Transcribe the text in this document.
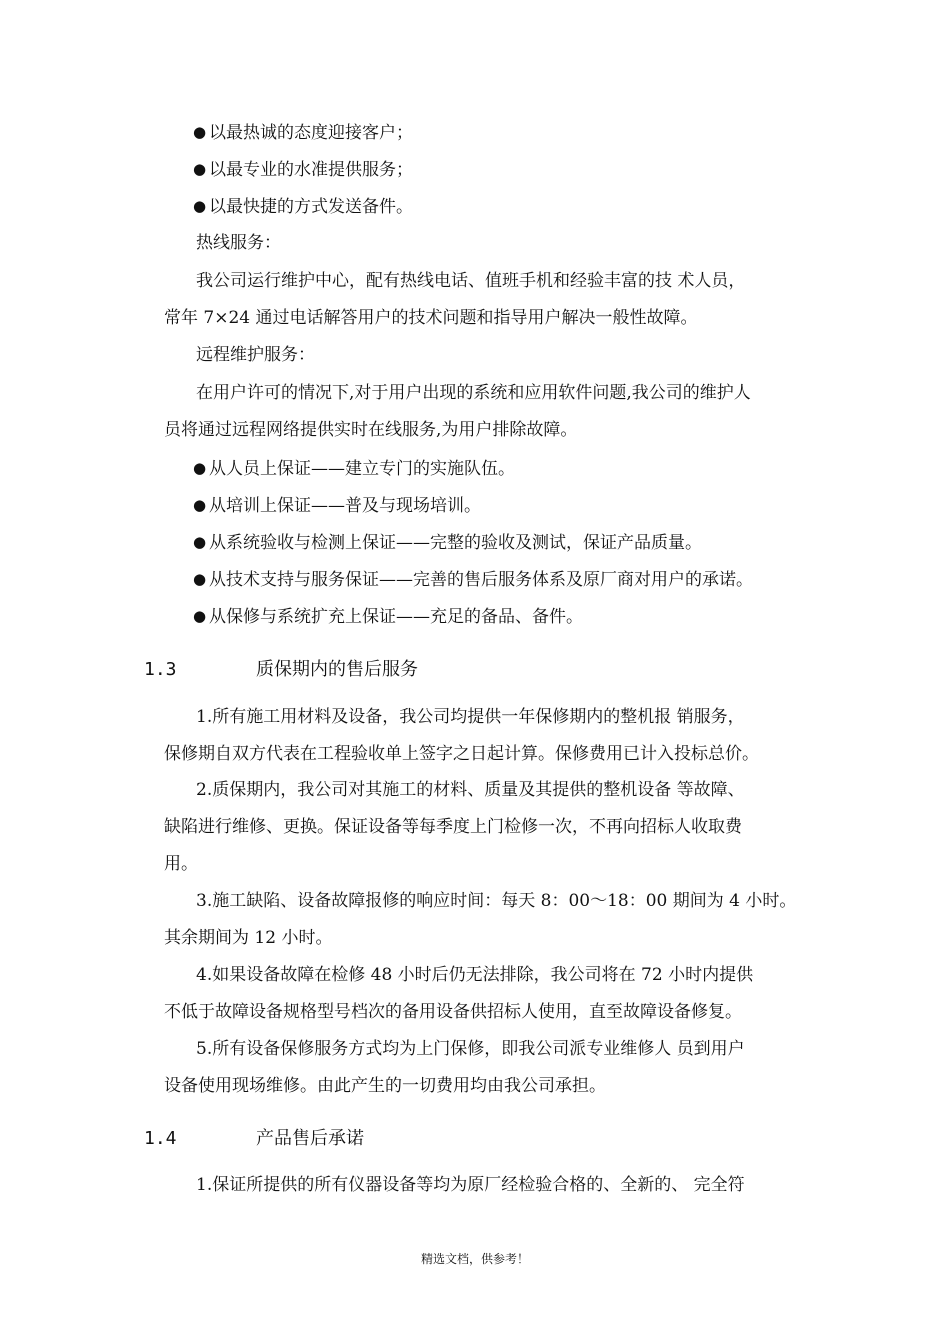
● 以最热诚的态度迎接客户；
● 以最专业的水准提供服务；
● 以最快捷的方式发送备件。
热线服务：
我公司运行维护中心，配有热线电话、值班手机和经验丰富的技 术人员，
常年 7×24 通过电话解答用户的技术问题和指导用户解决一般性故障。
远程维护服务：
在用户许可的情况下,对于用户出现的系统和应用软件问题,我公司的维护人
员将通过远程网络提供实时在线服务,为用户排除故障。
● 从人员上保证——建立专门的实施队伍。
● 从培训上保证——普及与现场培训。
● 从系统验收与检测上保证——完整的验收及测试，保证产品质量。
● 从技术支持与服务保证——完善的售后服务体系及原厂商对用户的承诺。
● 从保修与系统扩充上保证——充足的备品、备件。
1.3	质保期内的售后服务
1.所有施工用材料及设备，我公司均提供一年保修期内的整机报 销服务，
保修期自双方代表在工程验收单上签字之日起计算。保修费用已计入投标总价。
2.质保期内，我公司对其施工的材料、质量及其提供的整机设备 等故障、
缺陷进行维修、更换。保证设备等每季度上门检修一次，不再向招标人收取费
用。
3.施工缺陷、设备故障报修的响应时间：每天 8：00～18：00 期间为 4 小时。
其余期间为 12 小时。
4.如果设备故障在检修 48 小时后仍无法排除，我公司将在 72 小时内提供
不低于故障设备规格型号档次的备用设备供招标人使用，直至故障设备修复。
5.所有设备保修服务方式均为上门保修，即我公司派专业维修人 员到用户
设备使用现场维修。由此产生的一切费用均由我公司承担。
1.4	产品售后承诺
1.保证所提供的所有仪器设备等均为原厂经检验合格的、全新的、 完全符
精选文档，供参考！
